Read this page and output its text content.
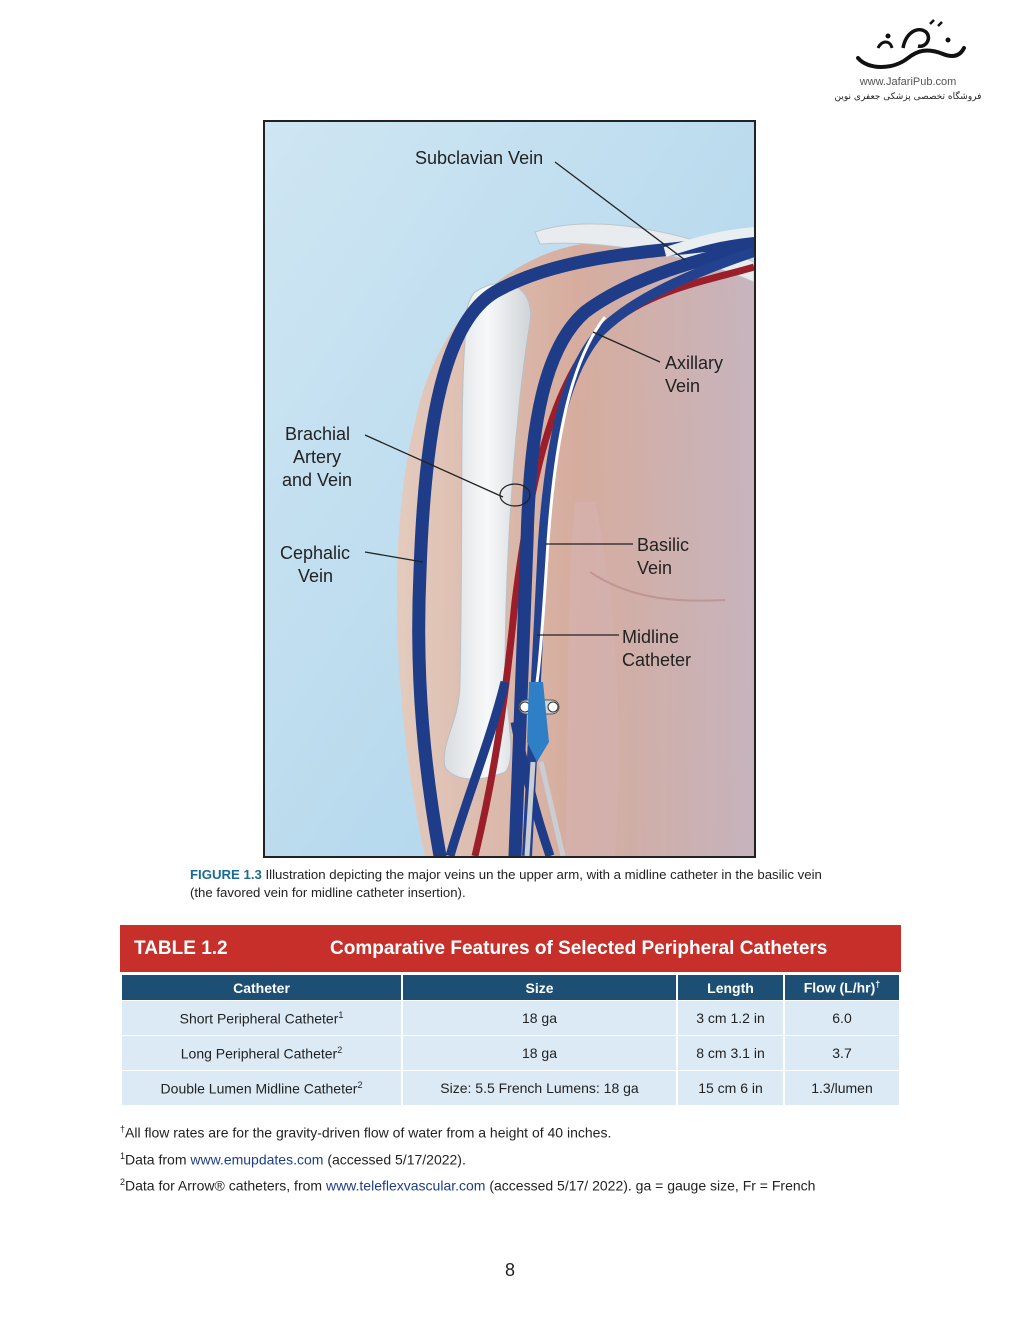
www.JafariPub.com
فروشگاه تخصصی پزشکی جعفری نوین
Subclavian Vein
Axillary
Vein
Brachial
Artery
and Vein
Cephalic
Vein
Basilic
Vein
Midline
Catheter
FIGURE 1.3 Illustration depicting the major veins un the upper arm, with a midline catheter in the basilic vein (the favored vein for midline catheter insertion).
TABLE 1.2	Comparative Features of Selected Peripheral Catheters
Catheter	Size	Length	Flow (L/hr)†
Short Peripheral Catheter$^1$	18 ga	3 cm 1.2 in	6.0
Long Peripheral Catheter$^2$	18 ga	8 cm 3.1 in	3.7
Double Lumen Midline Catheter$^2$	Size: 5.5 French Lumens: 18 ga	15 cm 6 in	1.3/lumen
†All flow rates are for the gravity-driven flow of water from a height of 40 inches.
$^1$Data from www.emupdates.com (accessed 5/17/2022).
$^2$Data for Arrow® catheters, from www.teleflexvascular.com (accessed 5/17/ 2022). ga = gauge size, Fr = French
8
